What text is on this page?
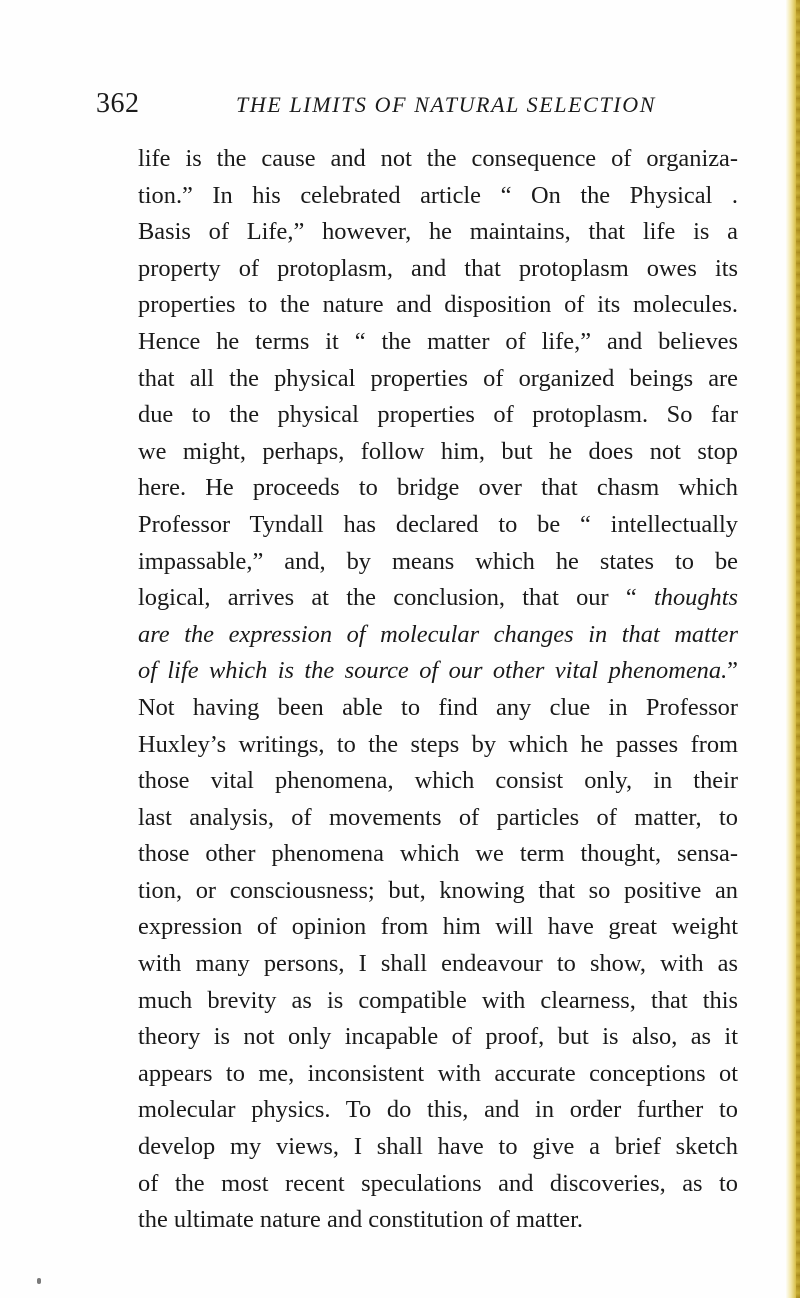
362	THE LIMITS OF NATURAL SELECTION
life is the cause and not the consequence of organiza-
tion.” In his celebrated article “ On the Physical .
Basis of Life,” however, he maintains, that life is a
property of protoplasm, and that protoplasm owes its
properties to the nature and disposition of its molecules.
Hence he terms it “ the matter of life,” and believes
that all the physical properties of organized beings are
due to the physical properties of protoplasm. So far
we might, perhaps, follow him, but he does not stop
here. He proceeds to bridge over that chasm which
Professor Tyndall has declared to be “ intellectually
impassable,” and, by means which he states to be
logical, arrives at the conclusion, that our “ thoughts
are the expression of molecular changes in that matter
of life which is the source of our other vital phenomena.”
Not having been able to find any clue in Professor
Huxley’s writings, to the steps by which he passes from
those vital phenomena, which consist only, in their
last analysis, of movements of particles of matter, to
those other phenomena which we term thought, sensa-
tion, or consciousness; but, knowing that so positive an
expression of opinion from him will have great weight
with many persons, I shall endeavour to show, with as
much brevity as is compatible with clearness, that this
theory is not only incapable of proof, but is also, as it
appears to me, inconsistent with accurate conceptions ot
molecular physics. To do this, and in order further to
develop my views, I shall have to give a brief sketch
of the most recent speculations and discoveries, as to
the ultimate nature and constitution of matter.
